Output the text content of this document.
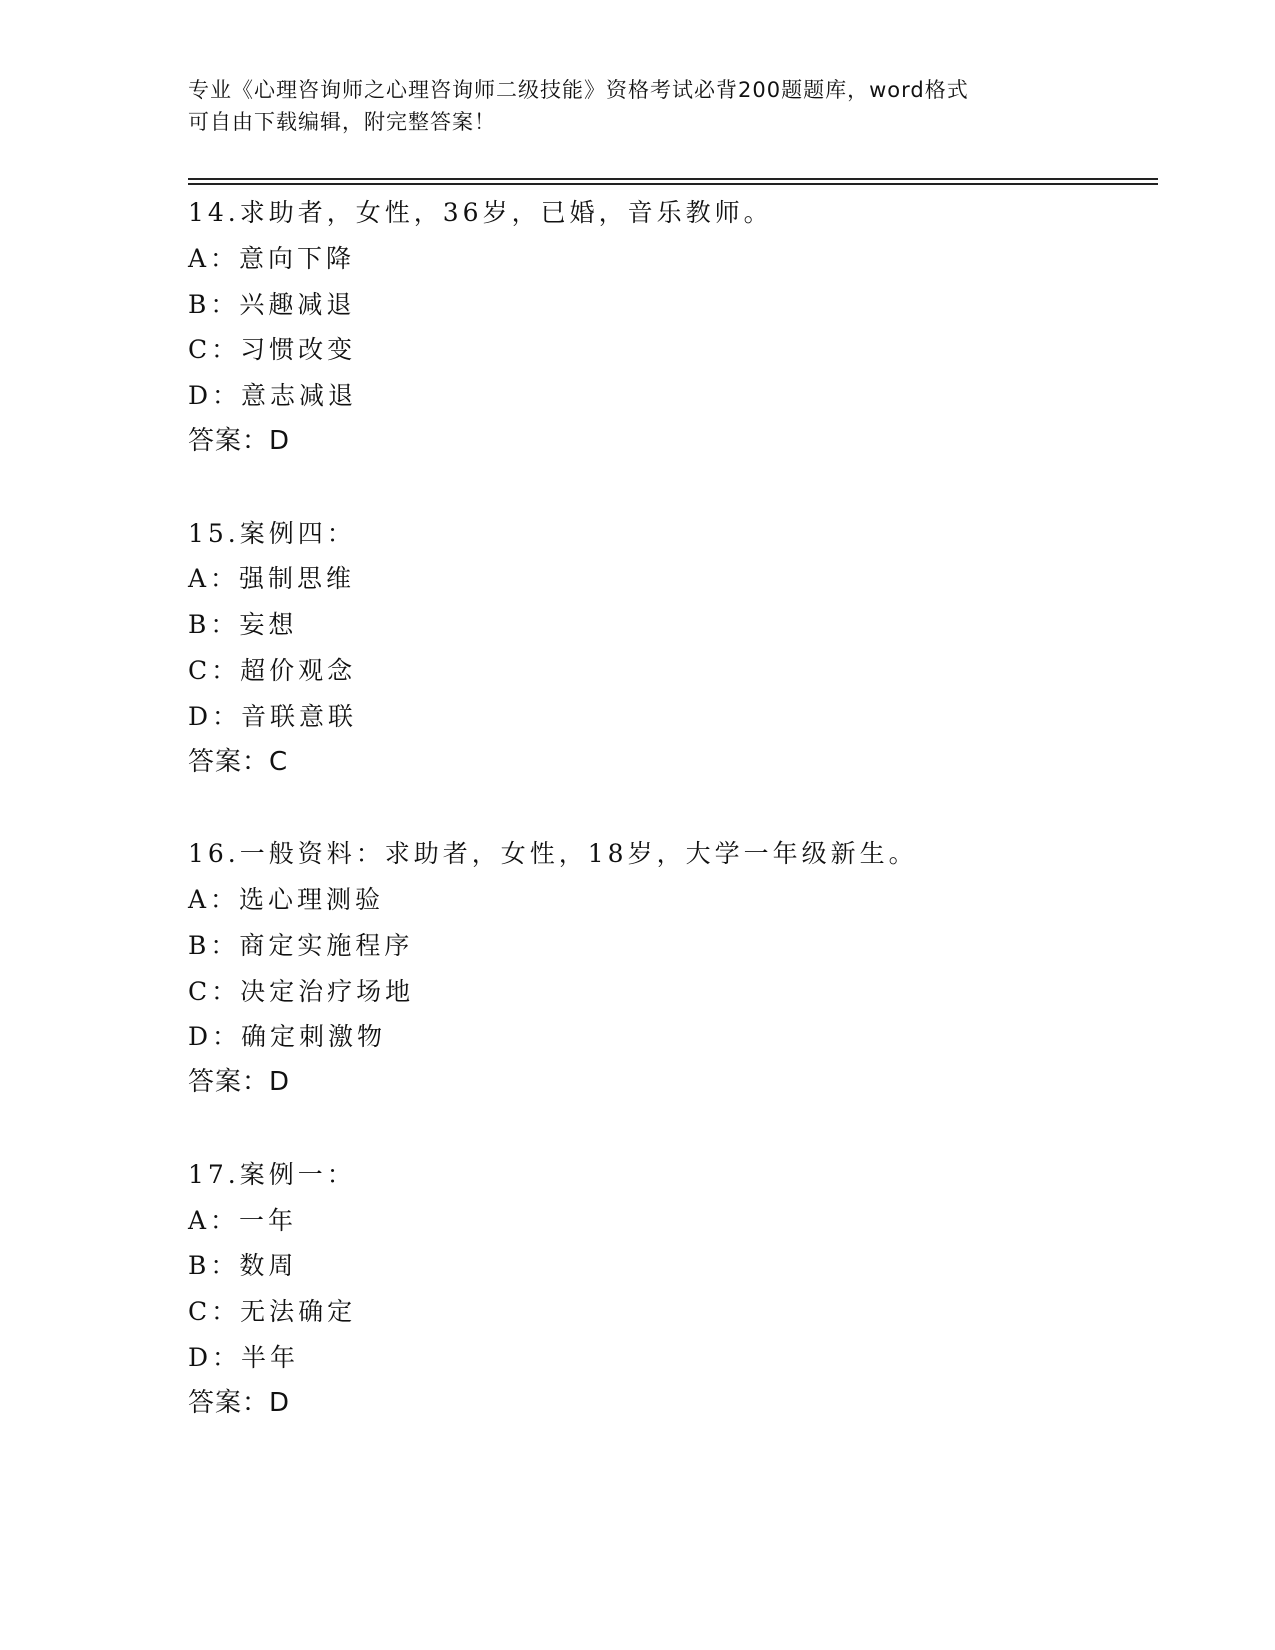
专业《心理咨询师之心理咨询师二级技能》资格考试必背200题题库，word格式
可自由下载编辑，附完整答案！
14.求助者，女性，36岁，已婚，音乐教师。
A：意向下降
B：兴趣减退
C：习惯改变
D：意志减退
答案：D
15.案例四：
A：强制思维
B：妄想
C：超价观念
D：音联意联
答案：C
16.一般资料：求助者，女性，18岁，大学一年级新生。
A：选心理测验
B：商定实施程序
C：决定治疗场地
D：确定刺激物
答案：D
17.案例一：
A：一年
B：数周
C：无法确定
D：半年
答案：D
